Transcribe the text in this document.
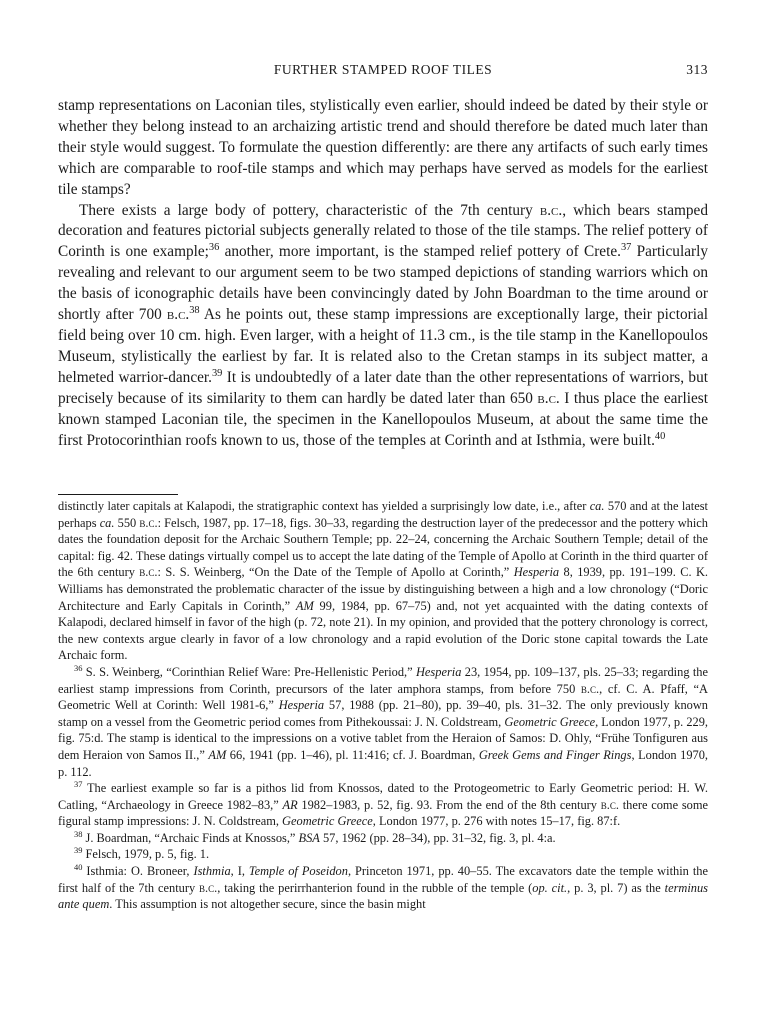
FURTHER STAMPED ROOF TILES	313

stamp representations on Laconian tiles, stylistically even earlier, should indeed be dated by their style or whether they belong instead to an archaizing artistic trend and should therefore be dated much later than their style would suggest. To formulate the question differently: are there any artifacts of such early times which are comparable to roof-tile stamps and which may perhaps have served as models for the earliest tile stamps?

There exists a large body of pottery, characteristic of the 7th century b.c., which bears stamped decoration and features pictorial subjects generally related to those of the tile stamps. The relief pottery of Corinth is one example;$^{36}$ another, more important, is the stamped relief pottery of Crete.$^{37}$ Particularly revealing and relevant to our argument seem to be two stamped depictions of standing warriors which on the basis of iconographic details have been convincingly dated by John Boardman to the time around or shortly after 700 b.c.$^{38}$ As he points out, these stamp impressions are exceptionally large, their pictorial field being over 10 cm. high. Even larger, with a height of 11.3 cm., is the tile stamp in the Kanellopoulos Museum, stylistically the earliest by far. It is related also to the Cretan stamps in its subject matter, a helmeted warrior-dancer.$^{39}$ It is undoubtedly of a later date than the other representations of warriors, but precisely because of its similarity to them can hardly be dated later than 650 b.c. I thus place the earliest known stamped Laconian tile, the specimen in the Kanellopoulos Museum, at about the same time the first Protocorinthian roofs known to us, those of the temples at Corinth and at Isthmia, were built.$^{40}$

distinctly later capitals at Kalapodi, the stratigraphic context has yielded a surprisingly low date, i.e., after ca. 570 and at the latest perhaps ca. 550 b.c.: Felsch, 1987, pp. 17–18, figs. 30–33, regarding the destruction layer of the predecessor and the pottery which dates the foundation deposit for the Archaic Southern Temple; pp. 22–24, concerning the Archaic Southern Temple; detail of the capital: fig. 42. These datings virtually compel us to accept the late dating of the Temple of Apollo at Corinth in the third quarter of the 6th century b.c.: S. S. Weinberg, “On the Date of the Temple of Apollo at Corinth,” Hesperia 8, 1939, pp. 191–199. C. K. Williams has demonstrated the problematic character of the issue by distinguishing between a high and a low chronology (“Doric Architecture and Early Capitals in Corinth,” AM 99, 1984, pp. 67–75) and, not yet acquainted with the dating contexts of Kalapodi, declared himself in favor of the high (p. 72, note 21). In my opinion, and provided that the pottery chronology is correct, the new contexts argue clearly in favor of a low chronology and a rapid evolution of the Doric stone capital towards the Late Archaic form.

$^{36}$ S. S. Weinberg, “Corinthian Relief Ware: Pre-Hellenistic Period,” Hesperia 23, 1954, pp. 109–137, pls. 25–33; regarding the earliest stamp impressions from Corinth, precursors of the later amphora stamps, from before 750 b.c., cf. C. A. Pfaff, “A Geometric Well at Corinth: Well 1981-6,” Hesperia 57, 1988 (pp. 21–80), pp. 39–40, pls. 31–32. The only previously known stamp on a vessel from the Geometric period comes from Pithekoussai: J. N. Coldstream, Geometric Greece, London 1977, p. 229, fig. 75:d. The stamp is identical to the impressions on a votive tablet from the Heraion of Samos: D. Ohly, “Frühe Tonfiguren aus dem Heraion von Samos II.,” AM 66, 1941 (pp. 1–46), pl. 11:416; cf. J. Boardman, Greek Gems and Finger Rings, London 1970, p. 112.

$^{37}$ The earliest example so far is a pithos lid from Knossos, dated to the Protogeometric to Early Geometric period: H. W. Catling, “Archaeology in Greece 1982–83,” AR 1982–1983, p. 52, fig. 93. From the end of the 8th century b.c. there come some figural stamp impressions: J. N. Coldstream, Geometric Greece, London 1977, p. 276 with notes 15–17, fig. 87:f.

$^{38}$ J. Boardman, “Archaic Finds at Knossos,” BSA 57, 1962 (pp. 28–34), pp. 31–32, fig. 3, pl. 4:a.

$^{39}$ Felsch, 1979, p. 5, fig. 1.

$^{40}$ Isthmia: O. Broneer, Isthmia, I, Temple of Poseidon, Princeton 1971, pp. 40–55. The excavators date the temple within the first half of the 7th century b.c., taking the perirrhanterion found in the rubble of the temple (op. cit., p. 3, pl. 7) as the terminus ante quem. This assumption is not altogether secure, since the basin might
